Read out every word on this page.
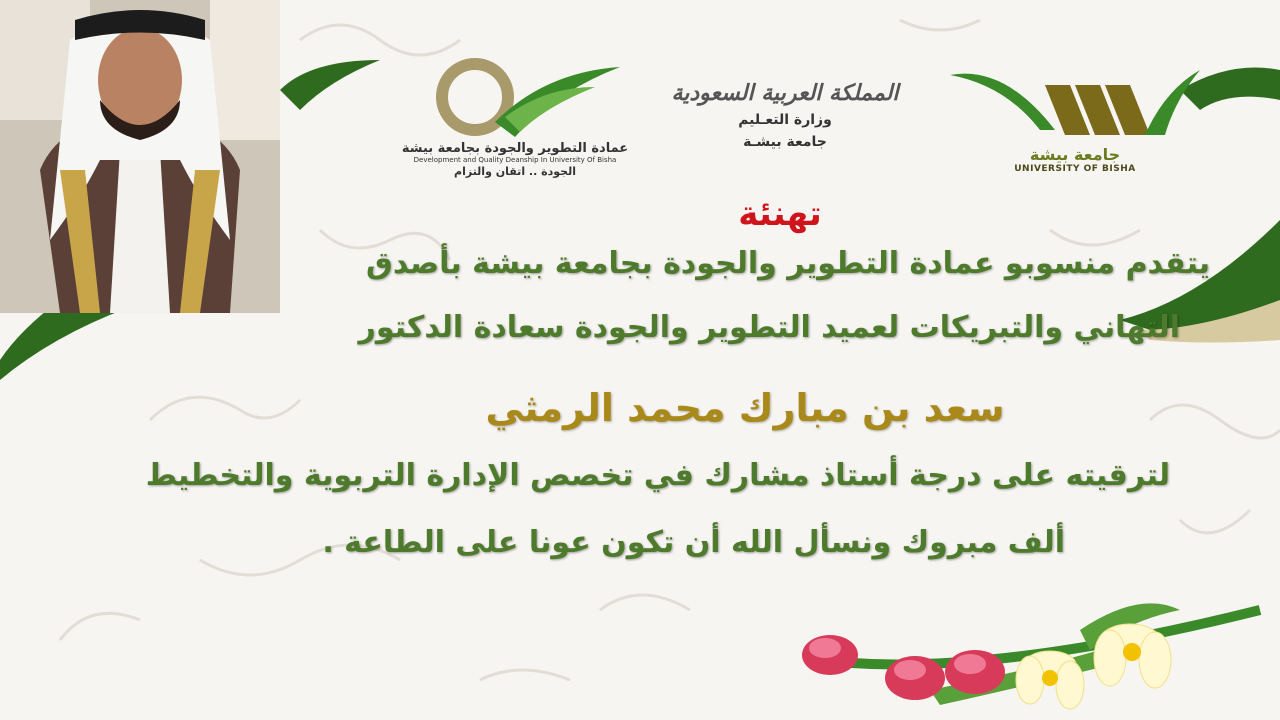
عمادة التطوير والجودة بجامعة بيشة
Development and Quality Deanship In University Of Bisha
الجودة .. اتقان والتزام
المملكة العربية السعودية
وزارة التعـليم
جامعة بيشـة
جامعة بيشة
UNIVERSITY OF BISHA
تهنئة
يتقدم منسوبو عمادة التطوير والجودة بجامعة بيشة بأصدق
التهاني والتبريكات لعميد التطوير والجودة سعادة الدكتور
سعد بن مبارك محمد الرمثي
لترقيته على درجة أستاذ مشارك في تخصص الإدارة التربوية والتخطيط
ألف مبروك ونسأل الله أن تكون عونا على الطاعة .
